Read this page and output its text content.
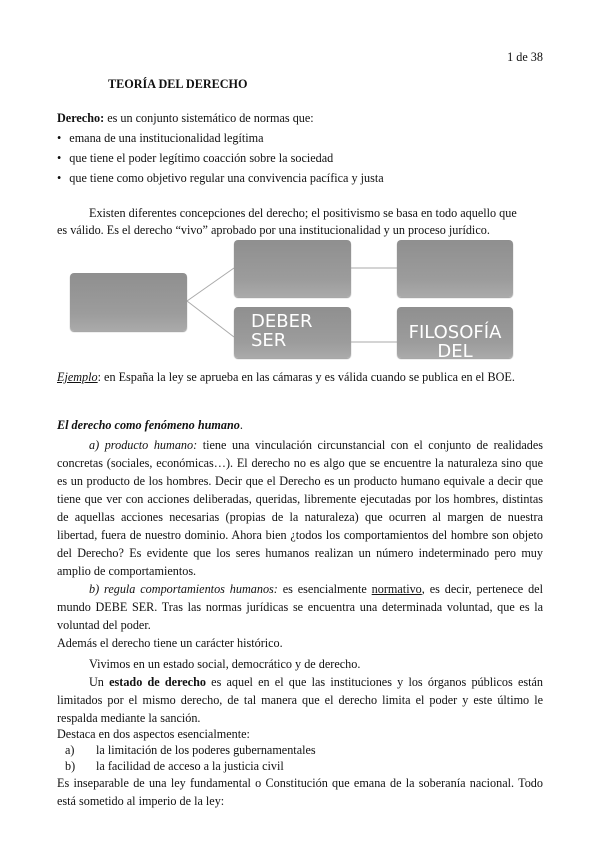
1 de 38
TEORÍA DEL DERECHO
Derecho: es un conjunto sistemático de normas que:
• emana de una institucionalidad legítima
• que tiene el poder legítimo coacción sobre la sociedad
• que tiene como objetivo regular una convivencia pacífica y justa
Existen diferentes concepciones del derecho; el positivismo se basa en todo aquello que
es válido. Es el derecho “vivo” aprobado por una institucionalidad y un proceso jurídico.
DEBER SER	FILOSOFÍA DEL
Ejemplo: en España la ley se aprueba en las cámaras y es válida cuando se publica en el BOE.
El derecho como fenómeno humano.
a) producto humano: tiene una vinculación circunstancial con el conjunto de realidades
concretas (sociales, económicas…). El derecho no es algo que se encuentre la naturaleza sino que
es un producto de los hombres. Decir que el Derecho es un producto humano equivale a decir que
tiene que ver con acciones deliberadas, queridas, libremente ejecutadas por los hombres, distintas
de aquellas acciones necesarias (propias de la naturaleza) que ocurren al margen de nuestra
libertad, fuera de nuestro dominio. Ahora bien ¿todos los comportamientos del hombre son objeto
del Derecho? Es evidente que los seres humanos realizan un número indeterminado pero muy
amplio de comportamientos.
b) regula comportamientos humanos: es esencialmente normativo, es decir, pertenece del
mundo DEBE SER. Tras las normas jurídicas se encuentra una determinada voluntad, que es la
voluntad del poder.
Además el derecho tiene un carácter histórico.
Vivimos en un estado social, democrático y de derecho.
Un estado de derecho es aquel en el que las instituciones y los órganos públicos están
limitados por el mismo derecho, de tal manera que el derecho limita el poder y este último le
respalda mediante la sanción.
Destaca en dos aspectos esencialmente:
a) la limitación de los poderes gubernamentales
b) la facilidad de acceso a la justicia civil
Es inseparable de una ley fundamental o Constitución que emana de la soberanía nacional. Todo
está sometido al imperio de la ley:
